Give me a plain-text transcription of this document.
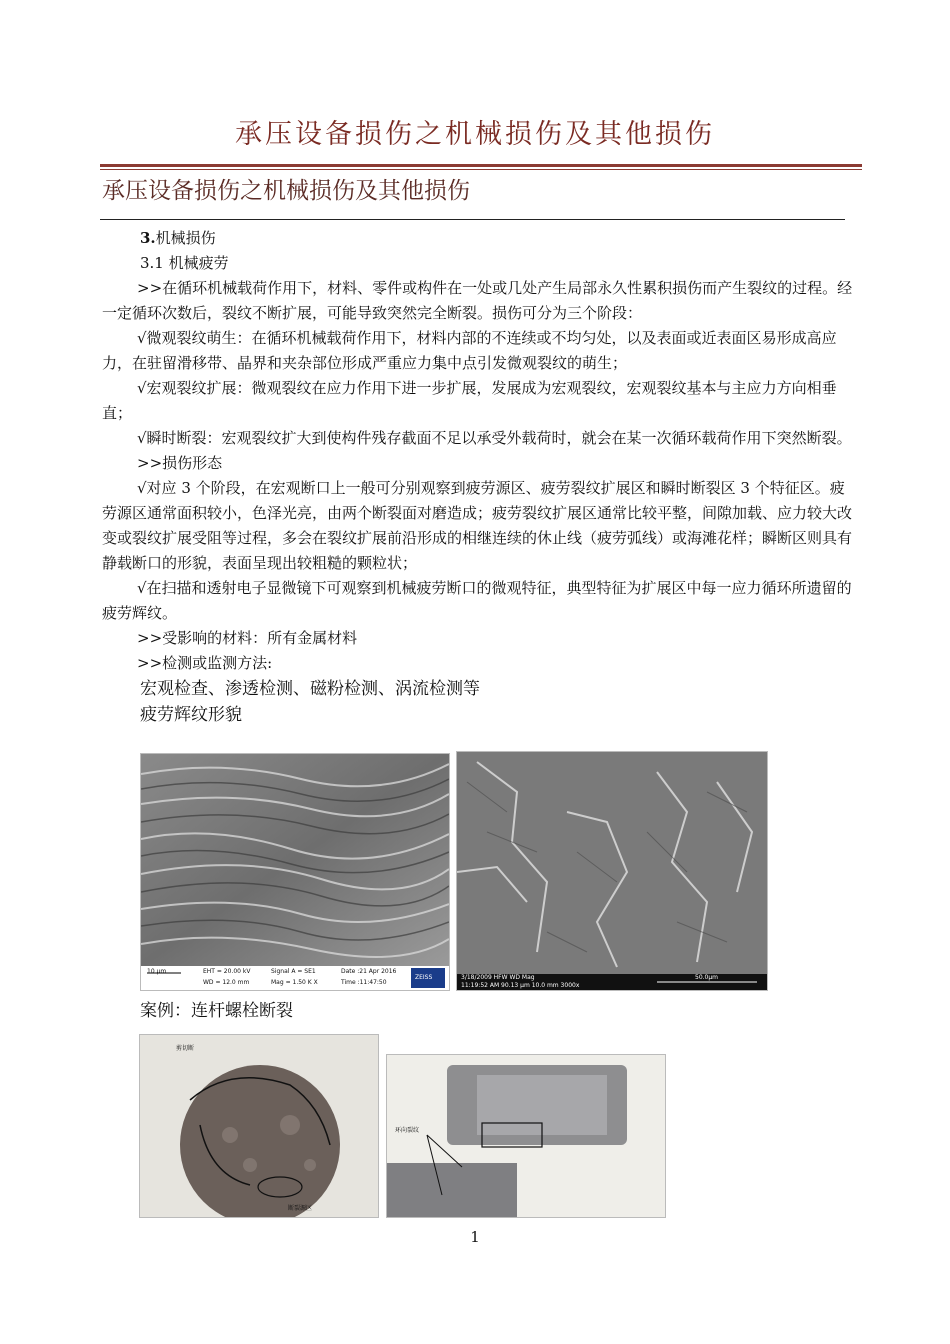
承压设备损伤之机械损伤及其他损伤
承压设备损伤之机械损伤及其他损伤

3.机械损伤

3.1 机械疲劳

>>在循环机械载荷作用下，材料、零件或构件在一处或几处产生局部永久性累积损伤而产生裂纹的过程。经一定循环次数后，裂纹不断扩展，可能导致突然完全断裂。损伤可分为三个阶段：

√微观裂纹萌生：在循环机械载荷作用下，材料内部的不连续或不均匀处，以及表面或近表面区易形成高应力，在驻留滑移带、晶界和夹杂部位形成严重应力集中点引发微观裂纹的萌生；

√宏观裂纹扩展：微观裂纹在应力作用下进一步扩展，发展成为宏观裂纹，宏观裂纹基本与主应力方向相垂直；

√瞬时断裂：宏观裂纹扩大到使构件残存截面不足以承受外载荷时，就会在某一次循环载荷作用下突然断裂。

>>损伤形态

√对应 3 个阶段，在宏观断口上一般可分别观察到疲劳源区、疲劳裂纹扩展区和瞬时断裂区 3 个特征区。疲劳源区通常面积较小，色泽光亮，由两个断裂面对磨造成；疲劳裂纹扩展区通常比较平整，间隙加载、应力较大改变或裂纹扩展受阻等过程，多会在裂纹扩展前沿形成的相继连续的休止线（疲劳弧线）或海滩花样；瞬断区则具有静载断口的形貌，表面呈现出较粗糙的颗粒状；

√在扫描和透射电子显微镜下可观察到机械疲劳断口的微观特征，典型特征为扩展区中每一应力循环所遗留的疲劳辉纹。

>>受影响的材料：所有金属材料

>>检测或监测方法:

宏观检查、渗透检测、磁粉检测、涡流检测等

疲劳辉纹形貌

10 μm	EHT = 20.00 kV
WD = 12.0 mm
Signal A = SE1
Mag = 1.50 K X
Date :21 Apr 2016
Time :11:47:50
ZEISS	3/18/2009 HFW WD Mag
11:19:52 AM 90.13 µm 10.0 mm 3000x
50.0µm

案例：连杆螺栓断裂

剪切断
断裂源区
环向裂纹
1
